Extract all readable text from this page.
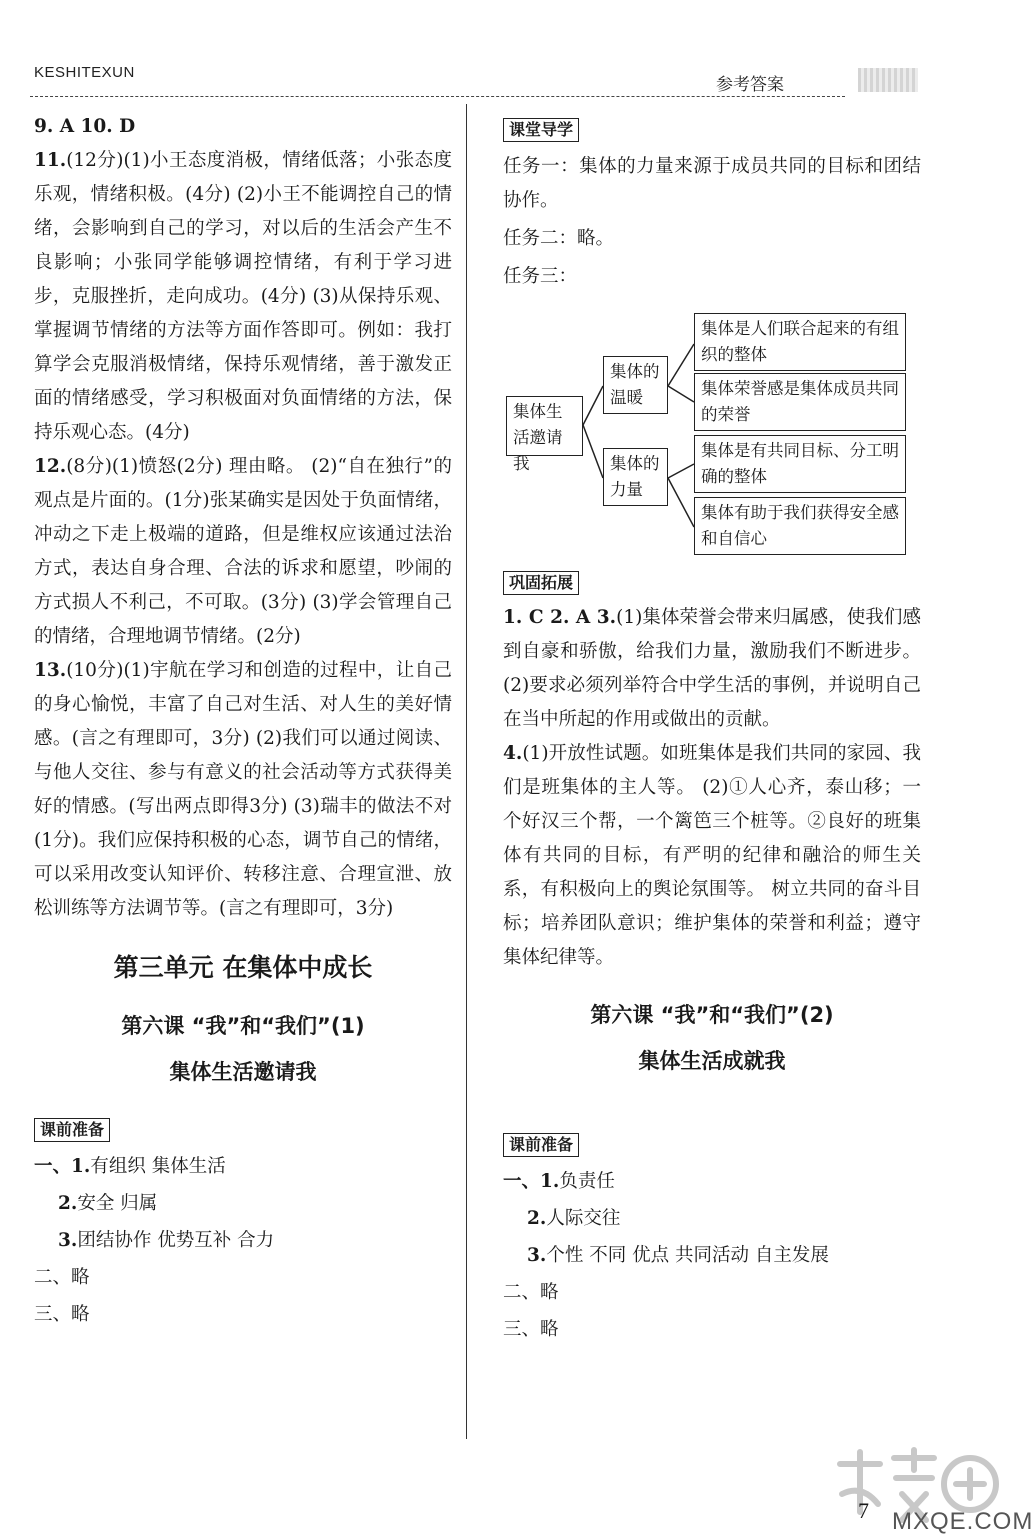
KESHITEXUN
参考答案

9. A 10. D

11.(12分)(1)小王态度消极，情绪低落；小张态度乐观，情绪积极。(4分) (2)小王不能调控自己的情绪，会影响到自己的学习，对以后的生活会产生不良影响；小张同学能够调控情绪，有利于学习进步，克服挫折，走向成功。(4分) (3)从保持乐观、掌握调节情绪的方法等方面作答即可。例如：我打算学会克服消极情绪，保持乐观情绪，善于激发正面的情绪感受，学习积极面对负面情绪的方法，保持乐观心态。(4分)

12.(8分)(1)愤怒(2分) 理由略。 (2)“自在独行”的观点是片面的。(1分)张某确实是因处于负面情绪，冲动之下走上极端的道路，但是维权应该通过法治方式，表达自身合理、合法的诉求和愿望，吵闹的方式损人不利己，不可取。(3分) (3)学会管理自己的情绪，合理地调节情绪。(2分)

13.(10分)(1)宇航在学习和创造的过程中，让自己的身心愉悦，丰富了自己对生活、对人生的美好情感。(言之有理即可，3分) (2)我们可以通过阅读、与他人交往、参与有意义的社会活动等方式获得美好的情感。(写出两点即得3分) (3)瑞丰的做法不对(1分)。我们应保持积极的心态，调节自己的情绪，可以采用改变认知评价、转移注意、合理宣泄、放松训练等方法调节等。(言之有理即可，3分)

第三单元 在集体中成长

第六课 “我”和“我们”(1)

集体生活邀请我

课前准备

一、1.有组织 集体生活

2.安全 归属

3.团结协作 优势互补 合力

二、略

三、略

课堂导学

任务一：集体的力量来源于成员共同的目标和团结协作。

任务二：略。

任务三：

集体生活邀请我
集体的温暖
集体的力量
集体是人们联合起来的有组织的整体
集体荣誉感是集体成员共同的荣誉
集体是有共同目标、分工明确的整体
集体有助于我们获得安全感和自信心
巩固拓展

1. C 2. A 3.(1)集体荣誉会带来归属感，使我们感到自豪和骄傲，给我们力量，激励我们不断进步。(2)要求必须列举符合中学生活的事例，并说明自己在当中所起的作用或做出的贡献。

4.(1)开放性试题。如班集体是我们共同的家园、我们是班集体的主人等。 (2)①人心齐，泰山移；一个好汉三个帮，一个篱笆三个桩等。②良好的班集体有共同的目标，有严明的纪律和融洽的师生关系，有积极向上的舆论氛围等。 树立共同的奋斗目标；培养团队意识；维护集体的荣誉和利益；遵守集体纪律等。

第六课 “我”和“我们”(2)

集体生活成就我

课前准备

一、1.负责任

2.人际交往

3.个性 不同 优点 共同活动 自主发展

二、略

三、略

7 MXQE.COM
